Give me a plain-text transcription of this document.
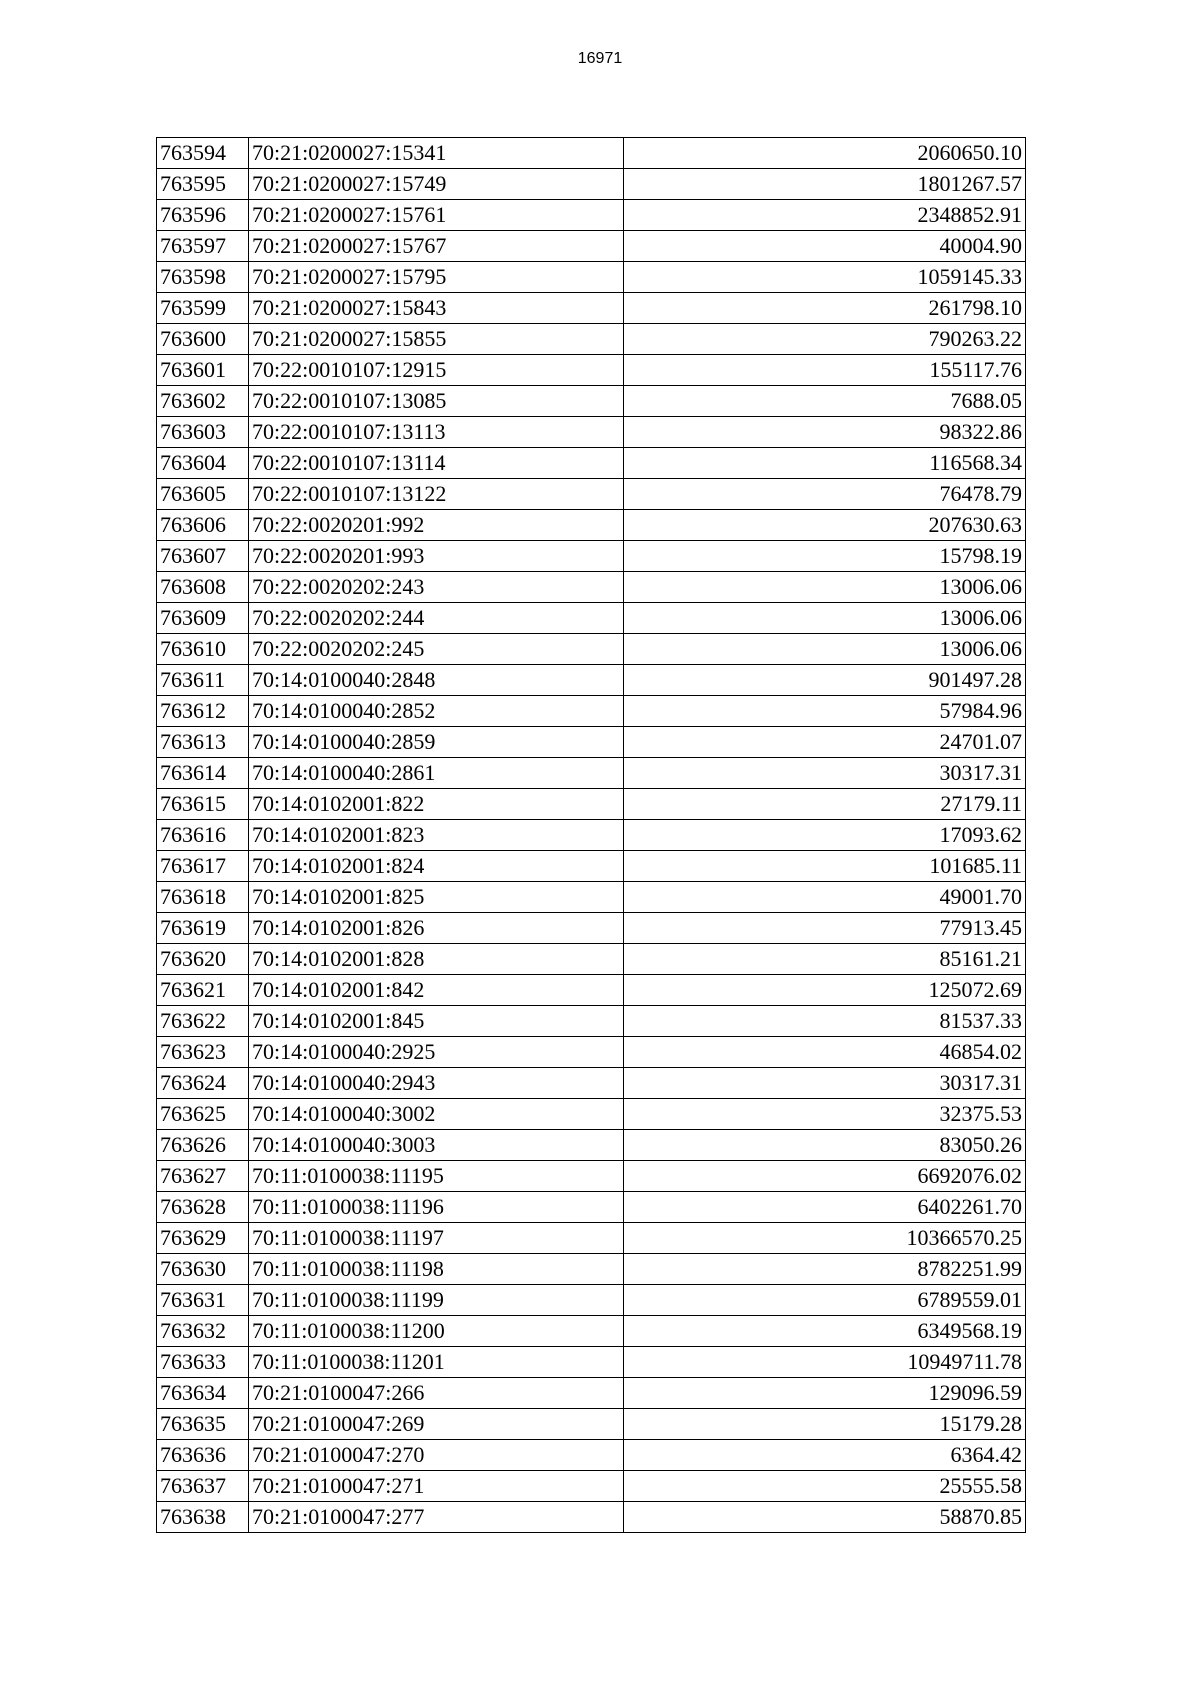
16971
763594	70:21:0200027:15341	2060650.10
763595	70:21:0200027:15749	1801267.57
763596	70:21:0200027:15761	2348852.91
763597	70:21:0200027:15767	40004.90
763598	70:21:0200027:15795	1059145.33
763599	70:21:0200027:15843	261798.10
763600	70:21:0200027:15855	790263.22
763601	70:22:0010107:12915	155117.76
763602	70:22:0010107:13085	7688.05
763603	70:22:0010107:13113	98322.86
763604	70:22:0010107:13114	116568.34
763605	70:22:0010107:13122	76478.79
763606	70:22:0020201:992	207630.63
763607	70:22:0020201:993	15798.19
763608	70:22:0020202:243	13006.06
763609	70:22:0020202:244	13006.06
763610	70:22:0020202:245	13006.06
763611	70:14:0100040:2848	901497.28
763612	70:14:0100040:2852	57984.96
763613	70:14:0100040:2859	24701.07
763614	70:14:0100040:2861	30317.31
763615	70:14:0102001:822	27179.11
763616	70:14:0102001:823	17093.62
763617	70:14:0102001:824	101685.11
763618	70:14:0102001:825	49001.70
763619	70:14:0102001:826	77913.45
763620	70:14:0102001:828	85161.21
763621	70:14:0102001:842	125072.69
763622	70:14:0102001:845	81537.33
763623	70:14:0100040:2925	46854.02
763624	70:14:0100040:2943	30317.31
763625	70:14:0100040:3002	32375.53
763626	70:14:0100040:3003	83050.26
763627	70:11:0100038:11195	6692076.02
763628	70:11:0100038:11196	6402261.70
763629	70:11:0100038:11197	10366570.25
763630	70:11:0100038:11198	8782251.99
763631	70:11:0100038:11199	6789559.01
763632	70:11:0100038:11200	6349568.19
763633	70:11:0100038:11201	10949711.78
763634	70:21:0100047:266	129096.59
763635	70:21:0100047:269	15179.28
763636	70:21:0100047:270	6364.42
763637	70:21:0100047:271	25555.58
763638	70:21:0100047:277	58870.85
